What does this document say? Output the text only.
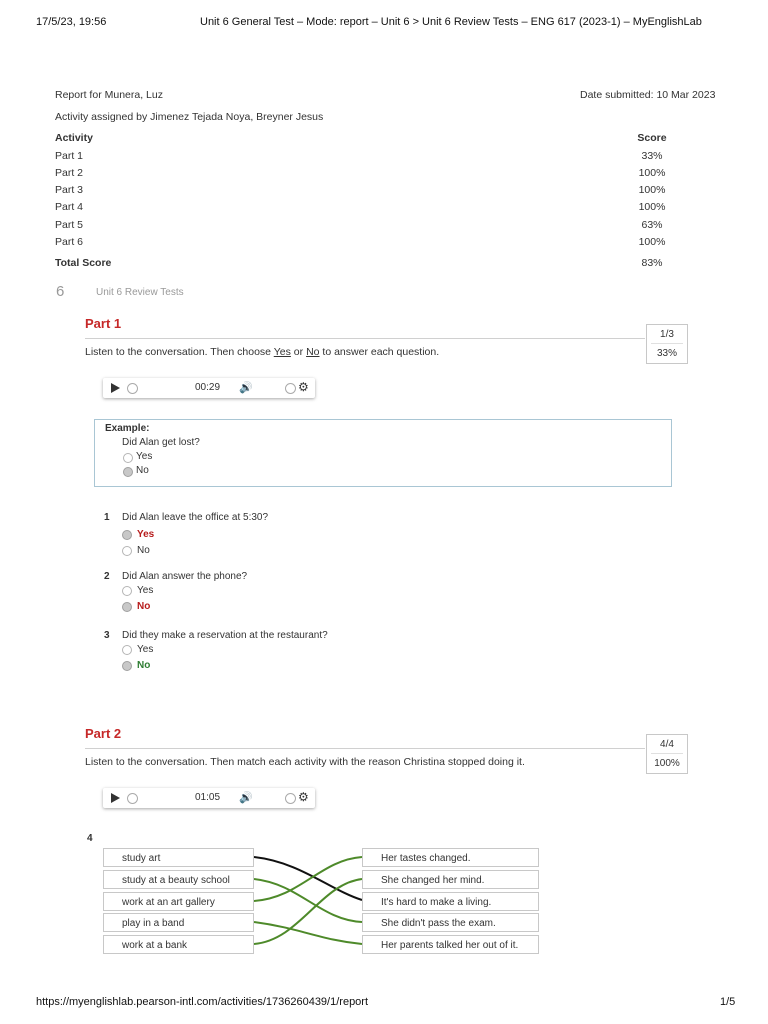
17/5/23, 19:56	Unit 6 General Test – Mode: report – Unit 6 > Unit 6 Review Tests – ENG 617 (2023-1) – MyEnglishLab
Report for Munera, Luz	Date submitted: 10 Mar 2023
Activity assigned by Jimenez Tejada Noya, Breyner Jesus
Activity	Score
Part 1	33%
Part 2	100%
Part 3	100%
Part 4	100%
Part 5	63%
Part 6	100%
Total Score	83%
6	Unit 6 Review Tests
Part 1
1/3
33%
Listen to the conversation. Then choose Yes or No to answer each question.
00:29 🔊	⚙
Example:
Did Alan get lost?
Yes
No
1 Did Alan leave the office at 5:30?
Yes
No
2 Did Alan answer the phone?
Yes
No
3 Did they make a reservation at the restaurant?
Yes
No
Part 2
4/4
100%
Listen to the conversation. Then match each activity with the reason Christina stopped doing it.
01:05 🔊	⚙
4
study art
study at a beauty school
work at an art gallery
play in a band
work at a bank
Her tastes changed.
She changed her mind.
It's hard to make a living.
She didn't pass the exam.
Her parents talked her out of it.
https://myenglishlab.pearson-intl.com/activities/1736260439/1/report	1/5
